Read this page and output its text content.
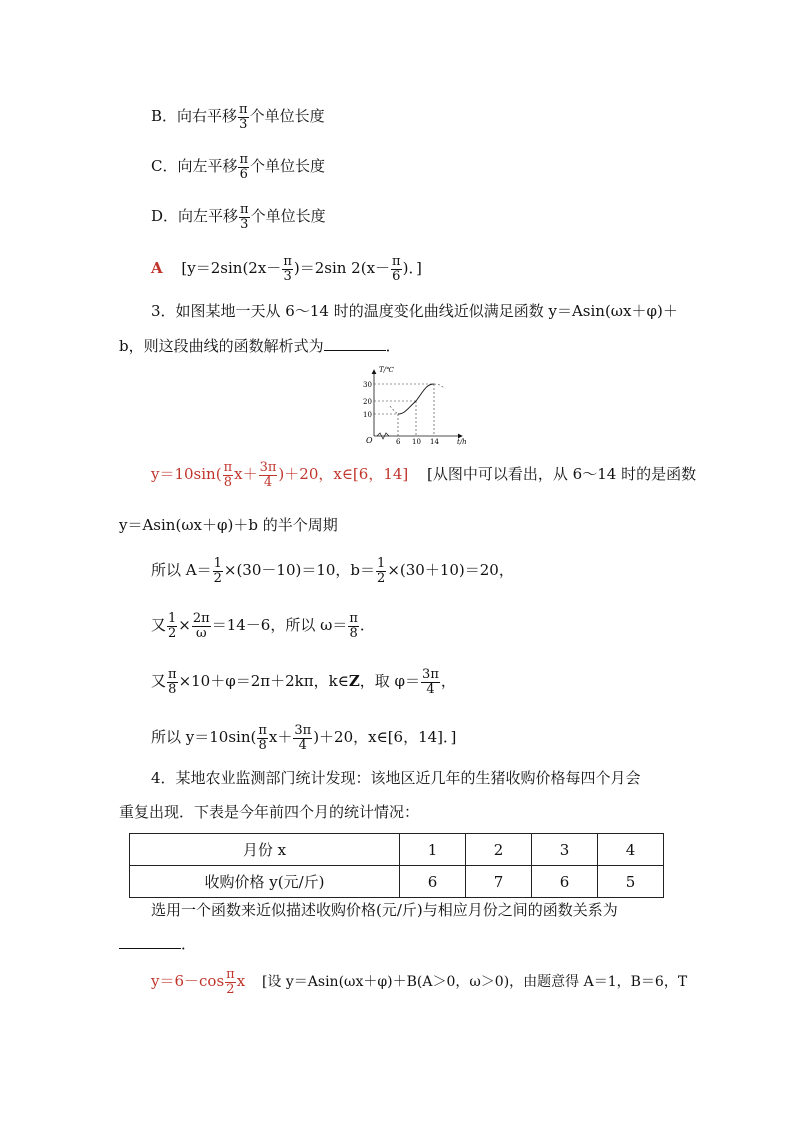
B．向右平移 $\frac{\pi}{3}$ 个单位长度
C．向左平移 $\frac{\pi}{6}$ 个单位长度
D．向左平移 $\frac{\pi}{3}$ 个单位长度
A [$y=2\sin(2x- \frac{\pi}{3} )=2\sin$ $2(x- \frac{\pi}{6}$ )．]
3．如图某地一天从 6～14 时的温度变化曲线近似满足函数 y＝Asin(ωx＋φ)＋
b，则这段曲线的函数解析式为	．
T/℃
t/h
O
10
20
30
6 10 14
$y=10\sin( \frac{\pi}{8} x+ \frac{3\pi}{4} )+20$，x∈[6，14] [从图中可以看出，从 6～14 时的是函数
y＝Asin(ωx＋φ)＋b 的半个周期
所以 $A= \frac{1}{2} \times(30-10)=10$，$b= \frac{1}{2} \times(30+10)=20$，
又 $\frac{1}{2} \times \frac{2\pi}{\omega} =14-6$，所以 $\omega= \frac{\pi}{8}$ ．
又 $\frac{\pi}{8} \times 10+\varphi=2\pi+2k\pi$，k∈Z，取 $\varphi= \frac{3\pi}{4}$ ，
所以 $y=10\sin( \frac{\pi}{8} x+ \frac{3\pi}{4} )+20$，x∈[6，14]．]
4．某地农业监测部门统计发现：该地区近几年的生猪收购价格每四个月会
重复出现．下表是今年前四个月的统计情况：
月份 x	1	2	3	4
收购价格 y(元/斤)	6	7	6	5
选用一个函数来近似描述收购价格(元/斤)与相应月份之间的函数关系为
．
$y=6-\cos \frac{\pi}{2}$ x [设 y＝Asin(ωx＋φ)＋B(A＞0，ω＞0)，由题意得 A＝1，B＝6，T
